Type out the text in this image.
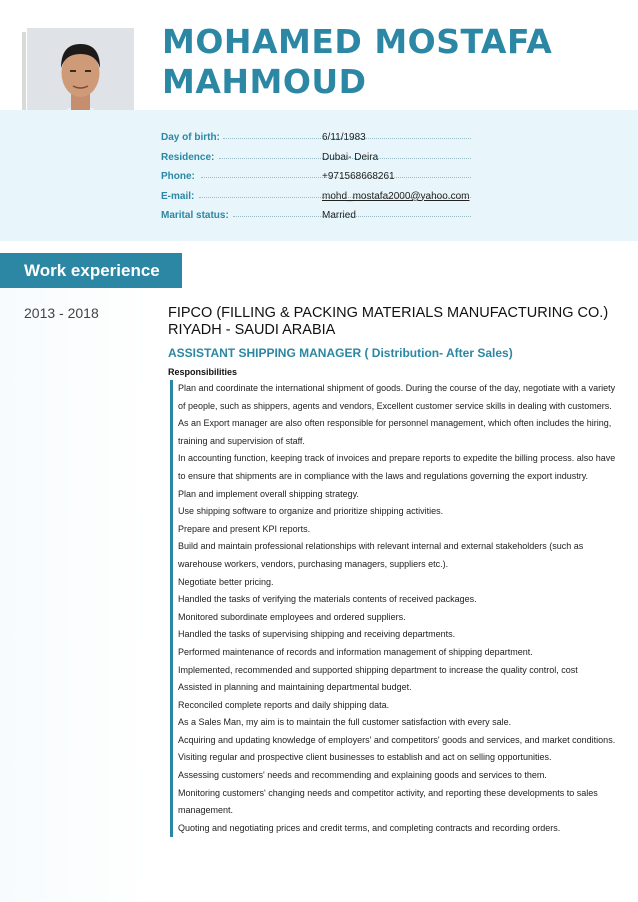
MOHAMED MOSTAFA MAHMOUD
Day of birth:	6/11/1983
Residence:	Dubai- Deira
Phone:	+971568668261
E-mail:	mohd_mostafa2000@yahoo.com
Marital status:	Married
Work experience
2013 - 2018	FIPCO (FILLING & PACKING MATERIALS MANUFACTURING CO.) RIYADH - SAUDI ARABIA
ASSISTANT SHIPPING MANAGER ( Distribution- After Sales)
Responsibilities
Plan and coordinate the international shipment of goods. During the course of the day, negotiate with a variety of people, such as shippers, agents and vendors, Excellent customer service skills in dealing with customers. As an Export manager are also often responsible for personnel management, which often includes the hiring, training and supervision of staff.
In accounting function, keeping track of invoices and prepare reports to expedite the billing process. also have to ensure that shipments are in compliance with the laws and regulations governing the export industry.
Plan and implement overall shipping strategy.
Use shipping software to organize and prioritize shipping activities.
Prepare and present KPI reports.
Build and maintain professional relationships with relevant internal and external stakeholders (such as warehouse workers, vendors, purchasing managers, suppliers etc.).
Negotiate better pricing.
Handled the tasks of verifying the materials contents of received packages.
Monitored subordinate employees and ordered suppliers.
Handled the tasks of supervising shipping and receiving departments.
Performed maintenance of records and information management of shipping department.
Implemented, recommended and supported shipping department to increase the quality control, cost
Assisted in planning and maintaining departmental budget.
Reconciled complete reports and daily shipping data.
As a Sales Man, my aim is to maintain the full customer satisfaction with every sale.
Acquiring and updating knowledge of employers' and competitors' goods and services, and market conditions.
Visiting regular and prospective client businesses to establish and act on selling opportunities.
Assessing customers' needs and recommending and explaining goods and services to them.
Monitoring customers' changing needs and competitor activity, and reporting these developments to sales management.
Quoting and negotiating prices and credit terms, and completing contracts and recording orders.
